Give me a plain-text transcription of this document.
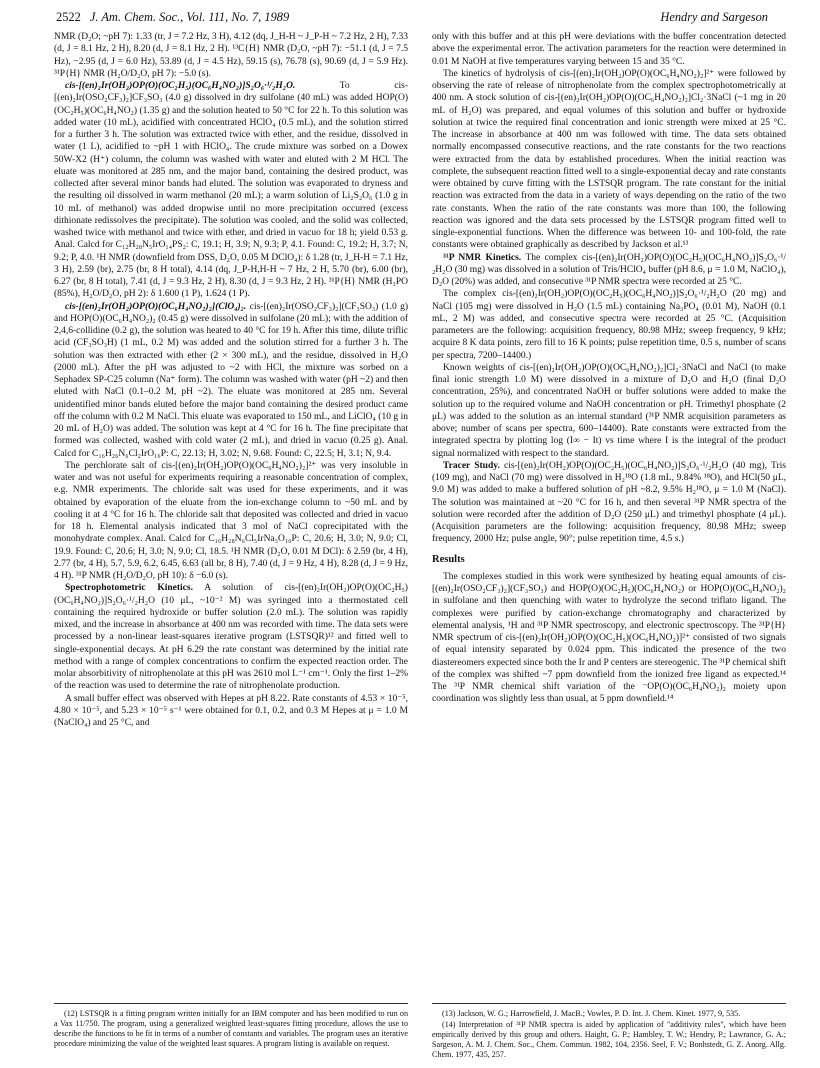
2522 J. Am. Chem. Soc., Vol. 111, No. 7, 1989	Hendry and Sargeson

NMR (D₂O; ~pH 7): 1.33 (tr, J = 7.2 Hz, 3 H), 4.12 (dq, J_H-H ~ J_P-H ~ 7.2 Hz, 2 H), 7.33 (d, J = 8.1 Hz, 2 H), 8.20 (d, J = 8.1 Hz, 2 H). ¹³C{H} NMR (D₂O, ~pH 7): −51.1 (d, J = 7.5 Hz), −2.95 (d, J = 6.0 Hz), 53.89 (d, J = 4.5 Hz), 59.15 (s), 76.78 (s), 90.69 (d, J = 5.9 Hz). ³¹P{H} NMR (H₂O/D₂O, pH 7): −5.0 (s).

cis-[(en)₂Ir(OH₂)OP(O)(OC₂H₅)(OC₆H₄NO₂)]S₂O₆·¹/₂H₂O.	To cis-[(en)₂Ir(OSO₂CF₃)₂]CF₃SO₃ (4.0 g) dissolved in dry sulfolane (40 mL) was added HOP(O)(OC₂H₅)(OC₆H₄NO₂) (1.35 g) and the solution heated to 50 °C for 22 h. To this solution was added water (10 mL), acidified with concentrated HClO₄ (0.5 mL), and the solution stirred for a further 3 h. The solution was extracted twice with ether, and the residue, dissolved in water (1 L), acidified to ~pH 1 with HClO₄. The crude mixture was sorbed on a Dowex 50W-X2 (H⁺) column, the column was washed with water and eluted with 2 M HCl. The eluate was monitored at 285 nm, and the major band, containing the desired product, was collected after several minor bands had eluted. The solution was evaporated to dryness and the resulting oil dissolved in warm methanol (20 mL); a warm solution of Li₂S₂O₆ (1.0 g in 10 mL of methanol) was added dropwise until no more precipitation occurred (excess dithionate redissolves the precipitate). The solution was cooled, and the solid was collected, washed twice with methanol and twice with ether, and dried in vacuo for 18 h; yield 0.53 g. Anal. Calcd for C₁₂H₂₈N₅IrO₁₄PS₂: C, 19.1; H, 3.9; N, 9.3; P, 4.1. Found: C, 19.2; H, 3.7; N, 9.2; P, 4.0. ¹H NMR (downfield from DSS, D₂O, 0.05 M DClO₄): δ 1.28 (tr, J_H-H = 7.1 Hz, 3 H), 2.59 (br), 2.75 (br, 8 H total), 4.14 (dq, J_P-H,H-H ~ 7 Hz, 2 H, 5.70 (br), 6.00 (br), 6.27 (br, 8 H total), 7.41 (d, J = 9.3 Hz, 2 H), 8.30 (d, J = 9.3 Hz, 2 H). ³¹P{H} NMR (H₃PO (85%), H₂O/D₂O, pH 2): δ 1.600 (1 P), 1.624 (1 P).

cis-[(en)₂Ir(OH₂)OP(O)(OC₆H₄NO₂)₂](ClO₄)₂. cis-[(en)₂Ir(OSO₂CF₃)₂](CF₃SO₃) (1.0 g) and HOP(O)(OC₆H₄NO₂)₂ (0.45 g) were dissolved in sulfolane (20 mL); with the addition of 2,4,6-collidine (0.2 g), the solution was heated to 40 °C for 19 h. After this time, dilute triflic acid (CF₃SO₃H) (1 mL, 0.2 M) was added and the solution stirred for a further 3 h. The solution was then extracted with ether (2 × 300 mL), and the residue, dissolved in H₂O (2000 mL). After the pH was adjusted to ~2 with HCl, the mixture was sorbed on a Sephadex SP-C25 column (Na⁺ form). The column was washed with water (pH ~2) and then eluted with NaCl (0.1–0.2 M, pH ~2). The eluate was monitored at 285 nm. Several unidentified minor bands eluted before the major band containing the desired product came off the column with 0.2 M NaCl. This eluate was evaporated to 150 mL, and LiClO₄ (10 g in 20 mL of H₂O) was added. The solution was kept at 4 °C for 16 h. The fine precipitate that formed was collected, washed with cold water (2 mL), and dried in vacuo (0.25 g). Anal. Calcd for C₁₆H₂₆N₆Cl₂IrO₁₆P: C, 22.13; H, 3.02; N, 9.68. Found: C, 22.5; H, 3.1; N, 9.4.

The perchlorate salt of cis-[(en)₂Ir(OH₂)OP(O)(OC₆H₄NO₂)₂]²⁺ was very insoluble in water and was not useful for experiments requiring a reasonable concentration of complex, e.g. NMR experiments. The chloride salt was used for these experiments, and it was obtained by evaporation of the eluate from the ion-exchange column to ~50 mL and by cooling it at 4 °C for 16 h. The chloride salt that deposited was collected and dried in vacuo for 18 h. Elemental analysis indicated that 3 mol of NaCl coprecipitated with the monohydrate complex. Anal. Calcd for C₁₆H₂₈N₆Cl₅IrNa₃O₁₀P: C, 20.6; H, 3.0; N, 9.0; Cl, 19.9. Found: C, 20.6; H, 3.0; N, 9.0; Cl, 18.5. ¹H NMR (D₂O, 0.01 M DCl): δ 2.59 (br, 4 H), 2.77 (br, 4 H), 5.7, 5.9, 6.2, 6.45, 6.63 (all br, 8 H), 7.40 (d, J = 9 Hz, 4 H), 8.28 (d, J = 9 Hz, 4 H). ³¹P NMR (H₂O/D₂O, pH 10): δ −6.0 (s).

Spectrophotometric Kinetics. A solution of cis-[(en)₂Ir(OH₂)OP(O)(OC₂H₅)(OC₆H₄NO₂)]S₂O₆·¹/₂H₂O (10 μL, ~10⁻² M) was syringed into a thermostated cell containing the required hydroxide or buffer solution (2.0 mL). The solution was rapidly mixed, and the increase in absorbance at 400 nm was recorded with time. The data sets were processed by a non-linear least-squares iterative program (LSTSQR)¹² and fitted well to single-exponential decays. At pH 6.29 the rate constant was determined by the initial rate method with a range of complex concentrations to confirm the expected reaction order. The molar absorbitivity of nitrophenolate at this pH was 2610 mol L⁻¹ cm⁻¹. Only the first 1–2% of the reaction was used to determine the rate of nitrophenolate production.

A small buffer effect was observed with Hepes at pH 8.22. Rate constants of 4.53 × 10⁻⁵, 4.80 × 10⁻⁵, and 5.23 × 10⁻⁵ s⁻¹ were obtained for 0.1, 0.2, and 0.3 M Hepes at μ = 1.0 M (NaClO₄) and 25 °C, and

only with this buffer and at this pH were deviations with the buffer concentration detected above the experimental error. The activation parameters for the reaction were determined in 0.01 M NaOH at five temperatures varying between 15 and 35 °C.

The kinetics of hydrolysis of cis-[(en)₂Ir(OH₂)OP(O)(OC₆H₄NO₂)₂]²⁺ were followed by observing the rate of release of nitrophenolate from the complex spectrophotometrically at 400 nm. A stock solution of cis-[(en)₂Ir(OH₂)OP(O)(OC₆H₄NO₂)₂]Cl₂·3NaCl (~1 mg in 20 mL of H₂O) was prepared, and equal volumes of this solution and buffer or hydroxide solution at twice the required final concentration and ionic strength were mixed at 25 °C. The increase in absorbance at 400 nm was followed with time. The data sets obtained normally encompassed consecutive reactions, and the rate constants for the two reactions were extracted from the data by established procedures. When the initial reaction was complete, the subsequent reaction fitted well to a single-exponential decay and rate constants were obtained by curve fitting with the LSTSQR program. The rate constant for the initial reaction was extracted from the data in a variety of ways depending on the ratio of the two rate constants. When the ratio of the rate constants was more than 100, the following reaction was ignored and the data sets processed by the LSTSQR program fitted well to single-exponential functions. When the difference was between 10- and 100-fold, the rate constants were obtained graphically as described by Jackson et al.¹³

³¹P NMR Kinetics. The complex cis-[(en)₂Ir(OH₂)OP(O)(OC₂H₅)(OC₆H₄NO₂)]S₂O₆·¹/₂H₂O (30 mg) was dissolved in a solution of Tris/HClO₄ buffer (pH 8.6, μ = 1.0 M, NaClO₄), D₂O (20%) was added, and consecutive ³¹P NMR spectra were recorded at 25 °C.

The complex cis-[(en)₂Ir(OH₂)OP(O)(OC₂H₅)(OC₆H₄NO₂)]S₂O₆·¹/₂H₂O (20 mg) and NaCl (105 mg) were dissolved in H₂O (1.5 mL) containing Na₃PO₄ (0.01 M), NaOH (0.1 mL, 2 M) was added, and consecutive spectra were recorded at 25 °C. (Acquisition parameters are the following: acquisition frequency, 80.98 MHz; sweep frequency, 9 kHz; acquire 8 K data points, zero fill to 16 K points; pulse repetition time, 0.5 s, number of scans per spectra, 7200–14400.)

Known weights of cis-[(en)₂Ir(OH₂)OP(O)(OC₆H₄NO₂)₂]Cl₂·3NaCl and NaCl (to make final ionic strength 1.0 M) were dissolved in a mixture of D₂O and H₂O (final D₂O concentration, 25%), and concentrated NaOH or buffer solutions were added to make the solution up to the required volume and NaOH concentration or pH. Trimethyl phosphate (2 μL) was added to the solution as an internal standard (³¹P NMR acquisition parameters as above; number of scans per spectra, 600–14400). Rate constants were extracted from the integrated spectra by plotting log (I∞ − It) vs time where I is the integral of the product signal normalized with respect to the standard.

Tracer Study. cis-[(en)₂Ir(OH₂)OP(O)(OC₂H₅)(OC₆H₄NO₂)]S₂O₆·¹/₂H₂O (40 mg), Tris (109 mg), and NaCl (70 mg) were dissolved in H₂¹⁸O (1.8 mL, 9.84% ¹⁸O), and HCl(50 μL, 9.0 M) was added to make a buffered solution of pH ~8.2, 9.5% H₂¹⁸O, μ = 1.0 M (NaCl). The solution was maintained at ~20 °C for 16 h, and then several ³¹P NMR spectra of the solution were recorded after the addition of D₂O (250 μL) and trimethyl phosphate (4 μL). (Acquisition parameters are the following: acquisition frequency, 80.98 MHz; sweep frequency, 2000 Hz; pulse angle, 90°; pulse repetition time, 4.5 s.)

Results

The complexes studied in this work were synthesized by heating equal amounts of cis-[(en)₂Ir(OSO₂CF₃)₂](CF₃SO₃) and HOP(O)(OC₂H₅)(OC₆H₄NO₂) or HOP(O)(OC₆H₄NO₂)₂ in sulfolane and then quenching with water to hydrolyze the second triflato ligand. The complexes were purified by cation-exchange chromatography and characterized by elemental analysis, ¹H and ³¹P NMR spectroscopy, and electronic spectroscopy. The ³¹P{H} NMR spectrum of cis-[(en)₂Ir(OH₂)OP(O)(OC₂H₅)(OC₆H₄NO₂)]²⁺ consisted of two signals of equal intensity separated by 0.024 ppm. This indicated the presence of the two diastereomers expected since both the Ir and P centers are stereogenic. The ³¹P chemical shift of the complex was shifted ~7 ppm downfield from the ionized free ligand as expected.¹⁴ The ³¹P NMR chemical shift variation of the ⁻OP(O)(OC₆H₄NO₂)₂ moiety upon coordination was slightly less than usual, at 5 ppm downfield.¹⁴

(12) LSTSQR is a fitting program written initially for an IBM computer and has been modified to run on a Vax 11/750. The program, using a generalized weighted least-squares fitting procedure, allows the use to describe the functions to be fit in terms of a number of constants and variables. The program uses an iterative procedure minimizing the value of the weighted least squares. A program listing is available on request.

(13) Jackson, W. G.; Harrowfield, J. MacB.; Vowles, P. D. Int. J. Chem. Kinet. 1977, 9, 535.

(14) Interpretation of ³¹P NMR spectra is aided by application of "additivity rules", which have been empirically derived by this group and others. Haight, G. P.; Hambley, T. W.; Hendry, P.; Lawrance, G. A.; Sargeson, A. M. J. Chem. Soc., Chem. Commun. 1982, 104, 2356. Seel, F. V.; Bonhstedt, G. Z. Anorg. Allg. Chem. 1977, 435, 257.
